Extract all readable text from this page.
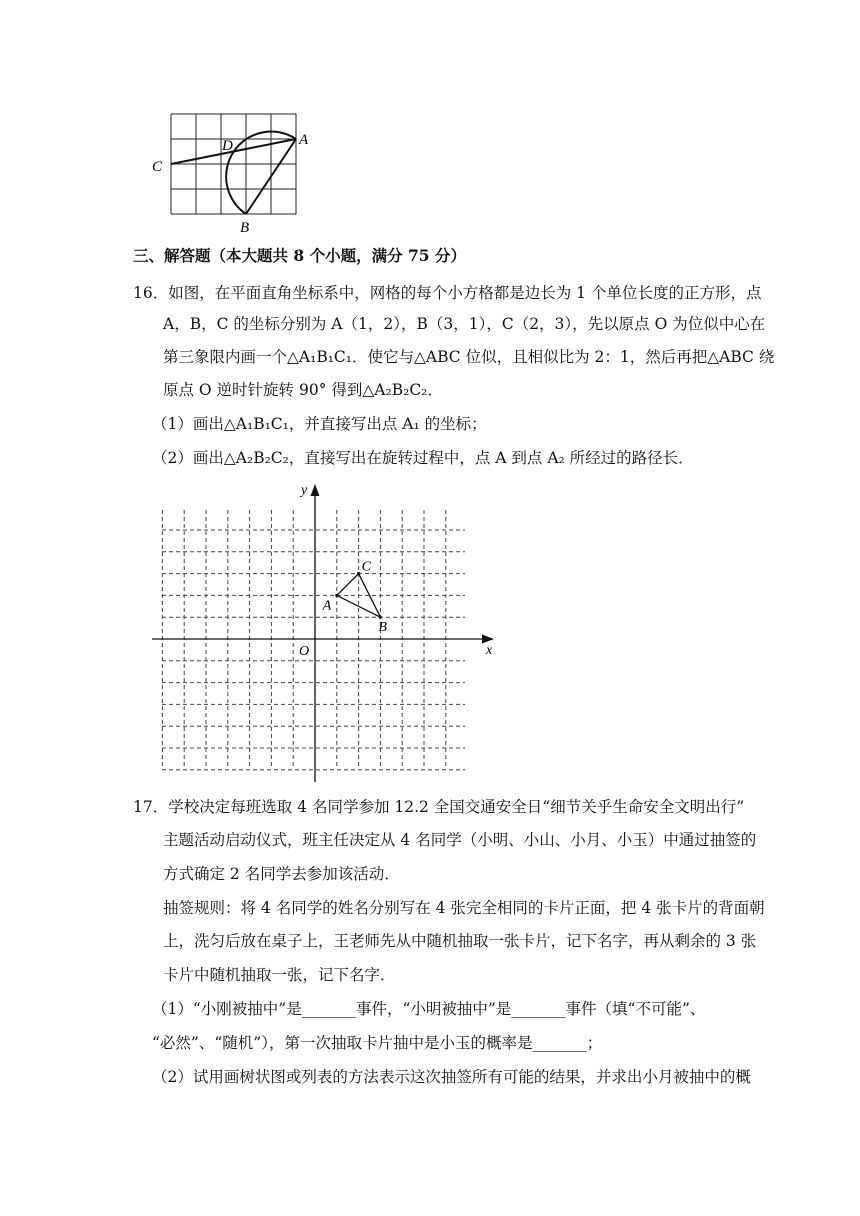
C
D	A
B
三、解答题（本大题共 8 个小题，满分 75 分）
16．如图，在平面直角坐标系中，网格的每个小方格都是边长为 1 个单位长度的正方形，点
A，B，C 的坐标分别为 A（1，2），B（3，1），C（2，3），先以原点 O 为位似中心在
第三象限内画一个△A₁B₁C₁．使它与△ABC 位似，且相似比为 2：1，然后再把△ABC 绕
原点 O 逆时针旋转 90° 得到△A₂B₂C₂．
（1）画出△A₁B₁C₁，并直接写出点 A₁ 的坐标；
（2）画出△A₂B₂C₂，直接写出在旋转过程中，点 A 到点 A₂ 所经过的路径长．
x
y
O
A
B
C
17．学校决定每班选取 4 名同学参加 12.2 全国交通安全日“细节关乎生命安全文明出行”
主题活动启动仪式，班主任决定从 4 名同学（小明、小山、小月、小玉）中通过抽签的
方式确定 2 名同学去参加该活动．
抽签规则：将 4 名同学的姓名分别写在 4 张完全相同的卡片正面，把 4 张卡片的背面朝
上，洗匀后放在桌子上，王老师先从中随机抽取一张卡片，记下名字，再从剩余的 3 张
卡片中随机抽取一张，记下名字．
（1）“小刚被抽中”是_______事件，“小明被抽中”是_______事件（填“不可能”、
“必然”、“随机”），第一次抽取卡片抽中是小玉的概率是_______；
（2）试用画树状图或列表的方法表示这次抽签所有可能的结果，并求出小月被抽中的概
